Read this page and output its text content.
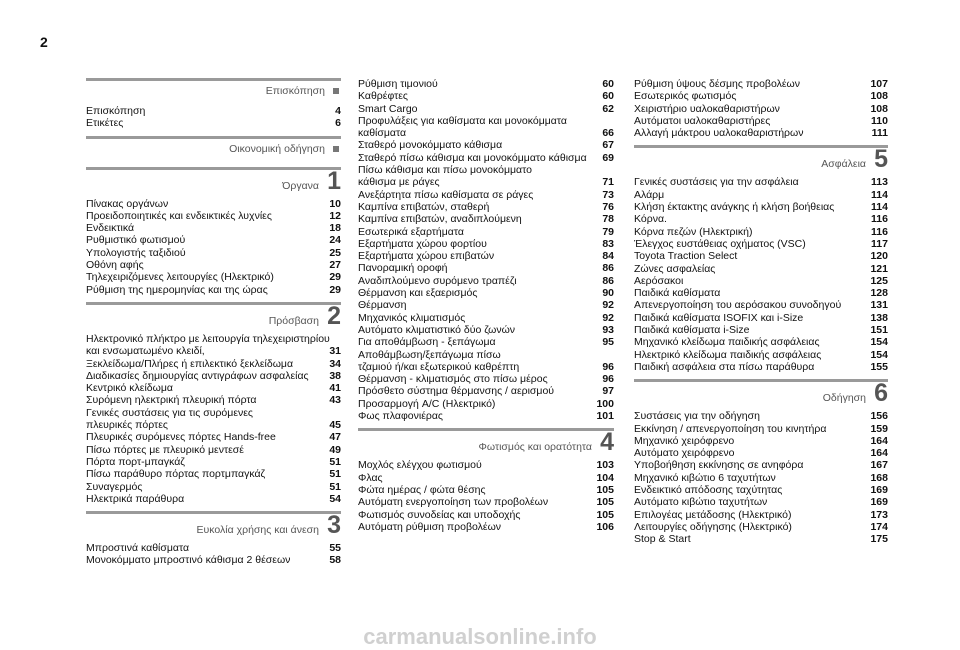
2
Επισκόπηση
Επισκόπηση	4
Ετικέτες	6
Οικονομική οδήγηση
Όργανα 1
Πίνακας οργάνων	10
Προειδοποιητικές και ενδεικτικές λυχνίες	12
Ενδεικτικά	18
Ρυθμιστικό φωτισμού	24
Υπολογιστής ταξιδιού	25
Οθόνη αφής	27
Τηλεχειριζόμενες λειτουργίες (Ηλεκτρικό)	29
Ρύθμιση της ημερομηνίας και της ώρας	29
Πρόσβαση 2
Ηλεκτρονικό πλήκτρο με λειτουργία τηλεχειριστηρίου
και ενσωματωμένο κλειδί,	31
Ξεκλείδωμα/Πλήρες ή επιλεκτικό ξεκλείδωμα	34
Διαδικασίες δημιουργίας αντιγράφων ασφαλείας 38
Κεντρικό κλείδωμα	41
Συρόμενη ηλεκτρική πλευρική πόρτα	43
Γενικές συστάσεις για τις συρόμενες
πλευρικές πόρτες	45
Πλευρικές συρόμενες πόρτες Hands-free	47
Πίσω πόρτες με πλευρικό μεντεσέ	49
Πόρτα πορτ-μπαγκάζ	51
Πίσω παράθυρο πόρτας πορτμπαγκάζ	51
Συναγερμός	51
Ηλεκτρικά παράθυρα	54
Ευκολία χρήσης και άνεση 3
Μπροστινά καθίσματα	55
Μονοκόμματο μπροστινό κάθισμα 2 θέσεων	58
Ρύθμιση τιμονιού	60
Καθρέφτες	60
Smart Cargo	62
Προφυλάξεις για καθίσματα και μονοκόμματα
καθίσματα	66
Σταθερό μονοκόμματο κάθισμα	67
Σταθερό πίσω κάθισμα και μονοκόμματο κάθισμα 69
Πίσω κάθισμα και πίσω μονοκόμματο
κάθισμα με ράγες	71
Ανεξάρτητα πίσω καθίσματα σε ράγες	73
Καμπίνα επιβατών, σταθερή	76
Καμπίνα επιβατών, αναδιπλούμενη	78
Εσωτερικά εξαρτήματα	79
Εξαρτήματα χώρου φορτίου	83
Εξαρτήματα χώρου επιβατών	84
Πανοραμική οροφή	86
Αναδιπλούμενο συρόμενο τραπέζι	86
Θέρμανση και εξαερισμός	90
Θέρμανση	92
Μηχανικός κλιματισμός	92
Αυτόματο κλιματιστικό δύο ζωνών	93
Για αποθάμβωση - ξεπάγωμα	95
Αποθάμβωση/ξεπάγωμα πίσω
τζαμιού ή/και εξωτερικού καθρέπτη	96
Θέρμανση - κλιματισμός στο πίσω μέρος	96
Πρόσθετο σύστημα θέρμανσης / αερισμού	97
Προσαρμογή A/C (Ηλεκτρικό)	100
Φως πλαφονιέρας	101
Φωτισμός και ορατότητα 4
Μοχλός ελέγχου φωτισμού	103
Φλας	104
Φώτα ημέρας / φώτα θέσης	105
Αυτόματη ενεργοποίηση των προβολέων	105
Φωτισμός συνοδείας και υποδοχής	105
Αυτόματη ρύθμιση προβολέων	106
Ρύθμιση ύψους δέσμης προβολέων	107
Εσωτερικός φωτισμός	108
Χειριστήριο υαλοκαθαριστήρων	108
Αυτόματοι υαλοκαθαριστήρες	110
Αλλαγή μάκτρου υαλοκαθαριστήρων	111
Ασφάλεια 5
Γενικές συστάσεις για την ασφάλεια	113
Αλάρμ	114
Κλήση έκτακτης ανάγκης ή κλήση βοήθειας	114
Κόρνα.	116
Κόρνα πεζών (Ηλεκτρική)	116
Έλεγχος ευστάθειας οχήματος (VSC)	117
Toyota Traction Select	120
Ζώνες ασφαλείας	121
Αερόσακοι	125
Παιδικά καθίσματα	128
Απενεργοποίηση του αερόσακου συνοδηγού	131
Παιδικά καθίσματα ISOFIX και i-Size	138
Παιδικά καθίσματα i-Size	151
Μηχανικό κλείδωμα παιδικής ασφάλειας	154
Ηλεκτρικό κλείδωμα παιδικής ασφάλειας	154
Παιδική ασφάλεια στα πίσω παράθυρα	155
Οδήγηση 6
Συστάσεις για την οδήγηση	156
Εκκίνηση / απενεργοποίηση του κινητήρα	159
Μηχανικό χειρόφρενο	164
Αυτόματο χειρόφρενο	164
Υποβοήθηση εκκίνησης σε ανηφόρα	167
Μηχανικό κιβώτιο 6 ταχυτήτων	168
Ενδεικτικό απόδοσης ταχύτητας	169
Αυτόματο κιβώτιο ταχυτήτων	169
Επιλογέας μετάδοσης (Ηλεκτρικό)	173
Λειτουργίες οδήγησης (Ηλεκτρικό)	174
Stop & Start	175
carmanualsonline.info
